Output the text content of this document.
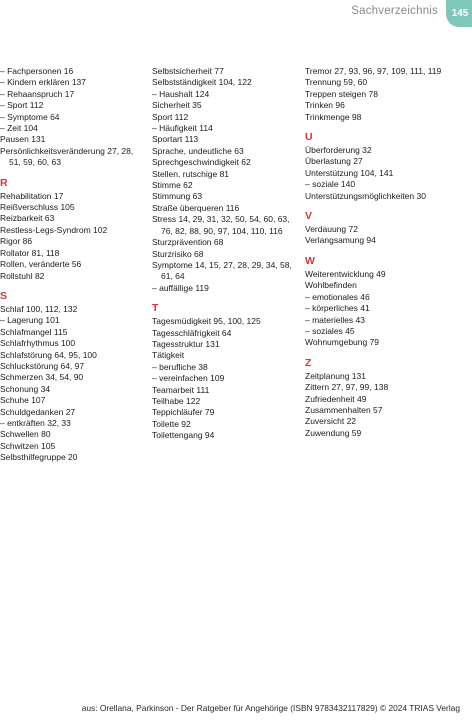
Sachverzeichnis	145
– Fachpersonen 16
– Kindern erklären 137
– Rehaanspruch 17
– Sport 112
– Symptome 64
– Zeit 104
Pausen 131
Persönlichkeitsveränderung 27, 28, 51, 59, 60, 63
R
Rehabilitation 17
Reißverschluss 105
Reizbarkeit 63
Restless-Legs-Syndrom 102
Rigor 86
Rollator 81, 118
Rollen, veränderte 56
Rollstuhl 82
S
Schlaf 100, 112, 132
– Lagerung 101
Schlafmangel 115
Schlafrhythmus 100
Schlafstörung 64, 95, 100
Schluckstörung 64, 97
Schmerzen 34, 54, 90
Schonung 34
Schuhe 107
Schuldgedanken 27
– entkräften 32, 33
Schwellen 80
Schwitzen 105
Selbsthilfegruppe 20
Selbstsicherheit 77
Selbstständigkeit 104, 122
– Haushalt 124
Sicherheit 35
Sport 112
– Häufigkeit 114
Sportart 113
Sprache, undeutliche 63
Sprechgeschwindigkeit 62
Stellen, rutschige 81
Stimme 62
Stimmung 63
Straße überqueren 116
Stress 14, 29, 31, 32, 50, 54, 60, 63, 76, 82, 88, 90, 97, 104, 110, 116
Sturzprävention 68
Sturzrisiko 68
Symptome 14, 15, 27, 28, 29, 34, 58, 61, 64
– auffällige 119
T
Tagesmüdigkeit 95, 100, 125
Tagesschläfrigkeit 64
Tagesstruktur 131
Tätigkeit
– berufliche 38
– vereinfachen 109
Teamarbeit 111
Teilhabe 122
Teppichläufer 79
Toilette 92
Toilettengang 94
Tremor 27, 93, 96, 97, 109, 111, 119
Trennung 59, 60
Treppen steigen 78
Trinken 96
Trinkmenge 98
U
Überforderung 32
Überlastung 27
Unterstützung 104, 141
– soziale 140
Unterstützungsmöglichkeiten 30
V
Verdauung 72
Verlangsamung 94
W
Weiterentwicklung 49
Wohlbefinden
– emotionales 46
– körperliches 41
– materielles 43
– soziales 45
Wohnumgebung 79
Z
Zeitplanung 131
Zittern 27, 97, 99, 138
Zufriedenheit 49
Zusammenhalten 57
Zuversicht 22
Zuwendung 59
aus: Orellana, Parkinson - Der Ratgeber für Angehörige (ISBN 9783432117829) © 2024 TRIAS Verlag
